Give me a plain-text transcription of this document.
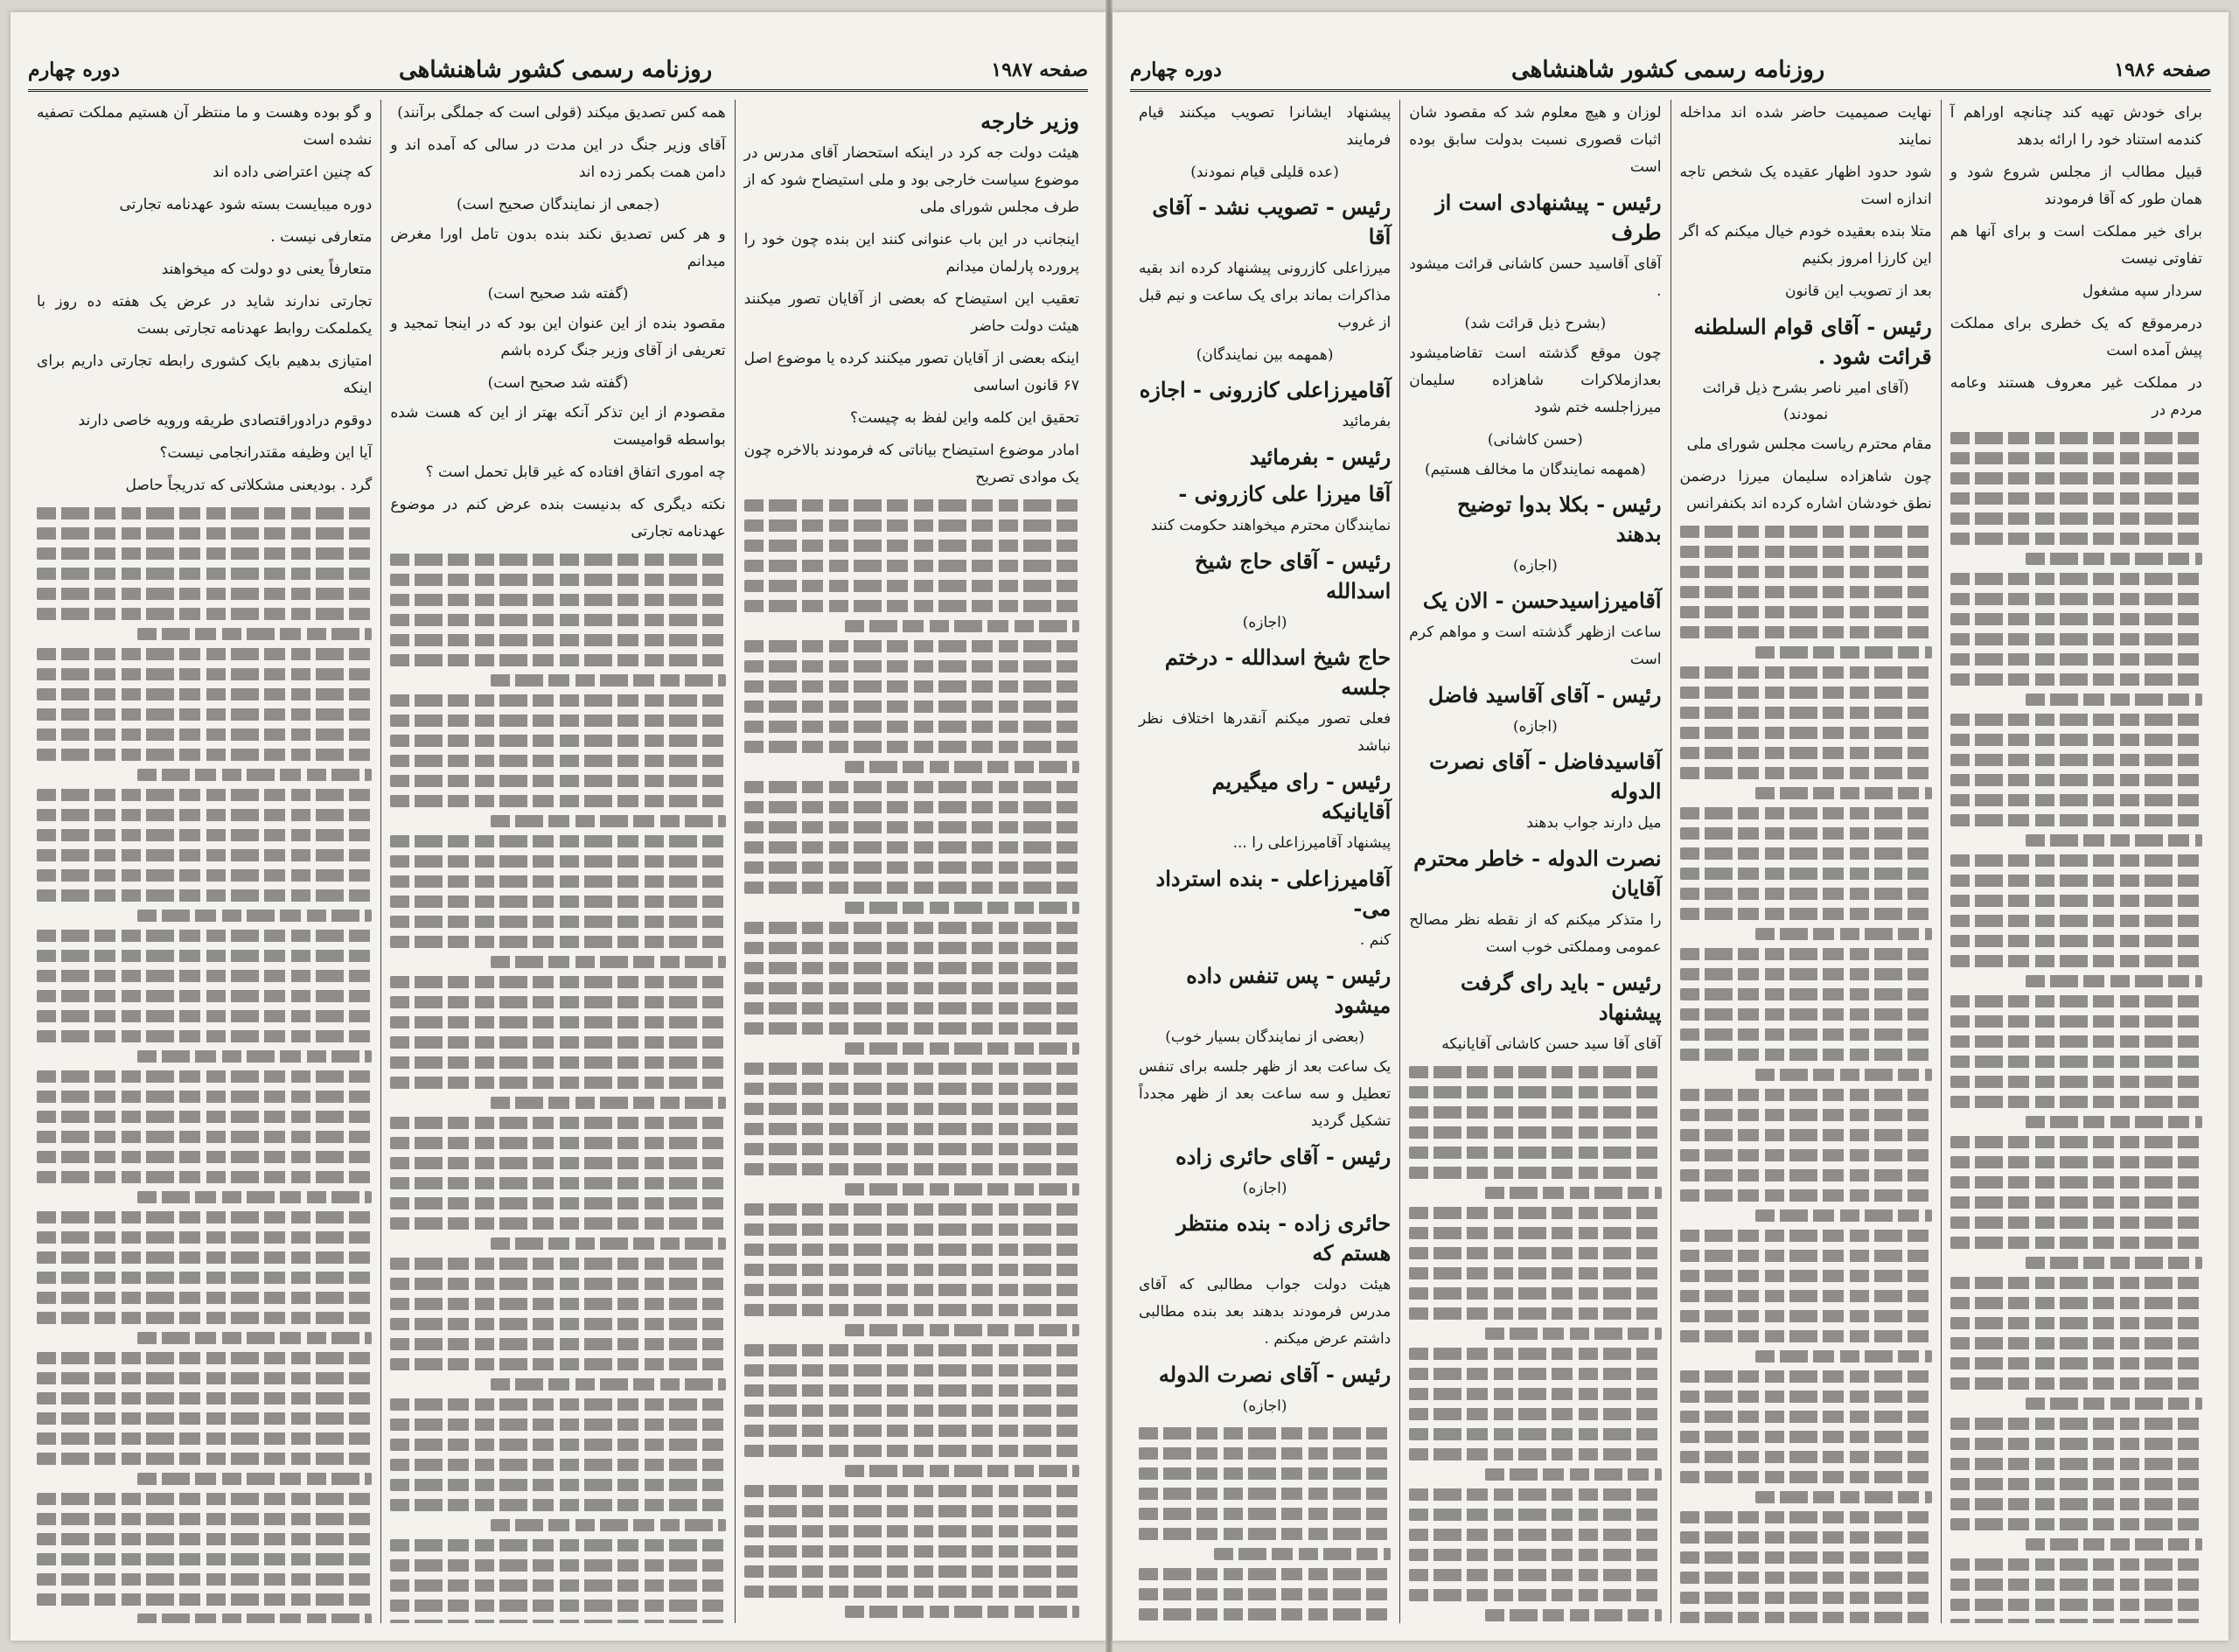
صفحه ۱۹۸۷
روزنامه رسمی کشور شاهنشاهی
دوره چهارم
وزیر خارجه
هیئت دولت جه کرد در اینکه استحضار آقای مدرس در موضوع سیاست خارجی بود و ملی استیضاح شود که از طرف مجلس شورای ملی
اینجانب در این باب عنوانی کنند این بنده چون خود را پرورده پارلمان میدانم
تعقیب این استیضاح که بعضی از آقایان تصور میکنند هیئت دولت حاضر
اینکه بعضی از آقایان تصور میکنند کرده یا موضوع اصل ۶۷ قانون اساسی
تحقیق این کلمه واین لفظ به چیست؟
امادر موضوع استیضاح بیاناتی که فرمودند بالاخره چون یک موادی تصریح
همه کس تصدیق میکند (قولی است که جملگی برآنند)
آقای وزیر جنگ در این مدت در سالی که آمده اند و دامن همت بکمر زده اند
(جمعی از نمایندگان صحیح است)
و هر کس تصدیق نکند بنده بدون تامل اورا مغرض میدانم
(گفته شد صحیح است)
مقصود بنده از این عنوان این بود که در اینجا تمجید و تعریفی از آقای وزیر جنگ کرده باشم
(گفته شد صحیح است)
مقصودم از این تذکر آنکه بهتر از این که هست شده بواسطه قوامیست
چه اموری اتفاق افتاده که غیر قابل تحمل است ؟
نکته دیگری که بدنیست بنده عرض کنم در موضوع عهدنامه تجارتی
و گو بوده وهست و ما منتظر آن هستیم مملکت تصفیه نشده است
که چنین اعتراضی داده اند
دوره میبایست بسته شود عهدنامه تجارتی
متعارفی نیست .
متعارفاً یعنی دو دولت که میخواهند
تجارتی ندارند شاید در عرض یک هفته ده روز با یکملمکت روابط عهدنامه تجارتی بست
امتیازی بدهیم بایک کشوری رابطه تجارتی داریم برای اینکه
دوقوم درادوراقتصادی طریقه ورویه خاصی دارند
آیا این وظیفه مقتدرانجامی نیست؟
گرد . بودیعنی مشکلاتی که تدریجاً حاصل
صفحه ۱۹۸۶
روزنامه رسمی کشور شاهنشاهی
دوره چهارم
برای خودش تهیه کند چنانچه اوراهم آ کندمه استناد خود را ارائه بدهد
قبیل مطالب از مجلس شروع شود و همان طور که آقا فرمودند
برای خیر مملکت است و برای آنها هم تفاوتی نیست
سردار سپه مشغول
درمرموقع که یک خطری برای مملکت پیش آمده است
در مملکت غیر معروف هستند وعامه مردم در
نهایت صمیمیت حاضر شده اند مداخله نمایند
شود حدود اظهار عقیده یک شخص تاجه اندازه است
متلا بنده بعقیده خودم خیال میکنم که اگر این کارزا امروز بکنیم
بعد از تصویب این قانون
رئیس - آقای قوام السلطنه قرائت شود .
(آقای امیر ناصر بشرح ذیل قرائت نمودند)
مقام محترم ریاست مجلس شورای ملی
چون شاهزاده سلیمان میرزا درضمن نطق خودشان اشاره کرده اند بکنفرانس
لوزان و هیچ معلوم شد که مقصود شان اثبات قصوری نسبت بدولت سابق بوده است
رئیس - پیشنهادی است از طرف
آقای آقاسید حسن کاشانی قرائت میشود .
(بشرح ذیل قرائت شد)
چون موقع گذشته است تقاضامیشود بعدازملاکرات شاهزاده سلیمان میرزاجلسه ختم شود
(حسن کاشانی)
(همهمه نمایندگان ما مخالف هستیم)
رئیس - بکلا بدوا توضیح بدهند
(اجازه)
آقامیرزاسیدحسن - الان یک
ساعت ازظهر گذشته است و مواهم کرم است
رئیس - آقای آقاسید فاضل
(اجازه)
آقاسیدفاضل - آقای نصرت الدوله
میل دارند جواب بدهند
نصرت الدوله - خاطر محترم آقایان
را متذکر میکنم که از نقطه نظر مصالح عمومی ومملکتی خوب است
رئیس - باید رای گرفت پیشنهاد
آقای آقا سید حسن کاشانی آقایانیکه
پیشنهاد ایشانرا تصویب میکنند قیام فرمایند
(عده قلیلی قیام نمودند)
رئیس - تصویب نشد - آقای آقا
میرزاعلی کازرونی پیشنهاد کرده اند بقیه مذاکرات بماند برای یک ساعت و نیم قبل از غروب
(همهمه بین نمایندگان)
آقامیرزاعلی کازرونی - اجازه
بفرمائید
رئیس - بفرمائید
آقا میرزا علی کازرونی -
نمایندگان محترم میخواهند حکومت کنند
رئیس - آقای حاج شیخ اسدالله
(اجازه)
حاج شیخ اسدالله - درختم جلسه
فعلی تصور میکنم آنقدرها اختلاف نظر نباشد
رئیس - رای میگیریم آقایانیکه
پیشنهاد آقامیرزاعلی را ...
آقامیرزاعلی - بنده استرداد می-
کنم .
رئیس - پس تنفس داده میشود
(بعضی از نمایندگان بسیار خوب)
یک ساعت بعد از ظهر جلسه برای تنفس تعطیل و سه ساعت بعد از ظهر مجدداً تشکیل گردید
رئیس - آقای حائری زاده
(اجازه)
حائری زاده - بنده منتظر هستم که
هیئت دولت جواب مطالبی که آقای مدرس فرمودند بدهند بعد بنده مطالبی داشتم عرض میکنم .
رئیس - آقای نصرت الدوله
(اجازه)
